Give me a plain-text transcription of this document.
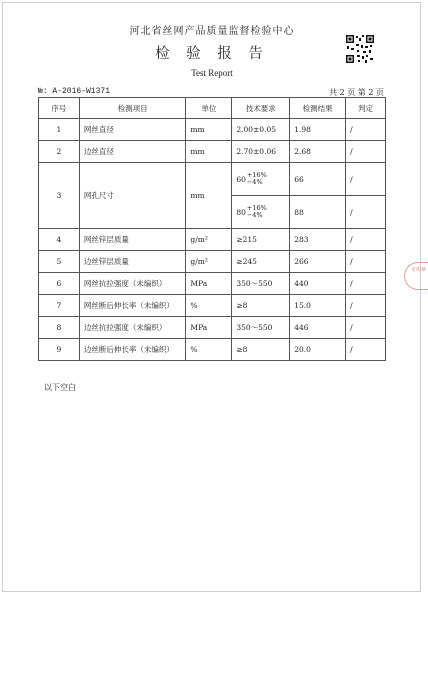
河北省丝网产品质量监督检验中心
检 验 报 告
Test Report
№: A-2016-W1371	共 2 页 第 2 页
序号	检测项目	单位	技术要求	检测结果	判定
1	网丝直径	mm	2.00±0.05	1.98	/
2	边丝直径	mm	2.70±0.06	2.68	/
3	网孔尺寸	mm	60 +16%
−4%	66	/

			80 +16%
−4%	88	/
4	网丝锌层质量	g/m²	≥215	283	/
5	边丝锌层质量	g/m²	≥245	266	/
6	网丝抗拉强度（未编织）	MPa	350～550	440	/
7	网丝断后伸长率（未编织）	%	≥8	15.0	/
8	边丝抗拉强度（未编织）	MPa	350～550	446	/
9	边丝断后伸长率（未编织）	%	≥8	20.0	/
以下空白
专用章
